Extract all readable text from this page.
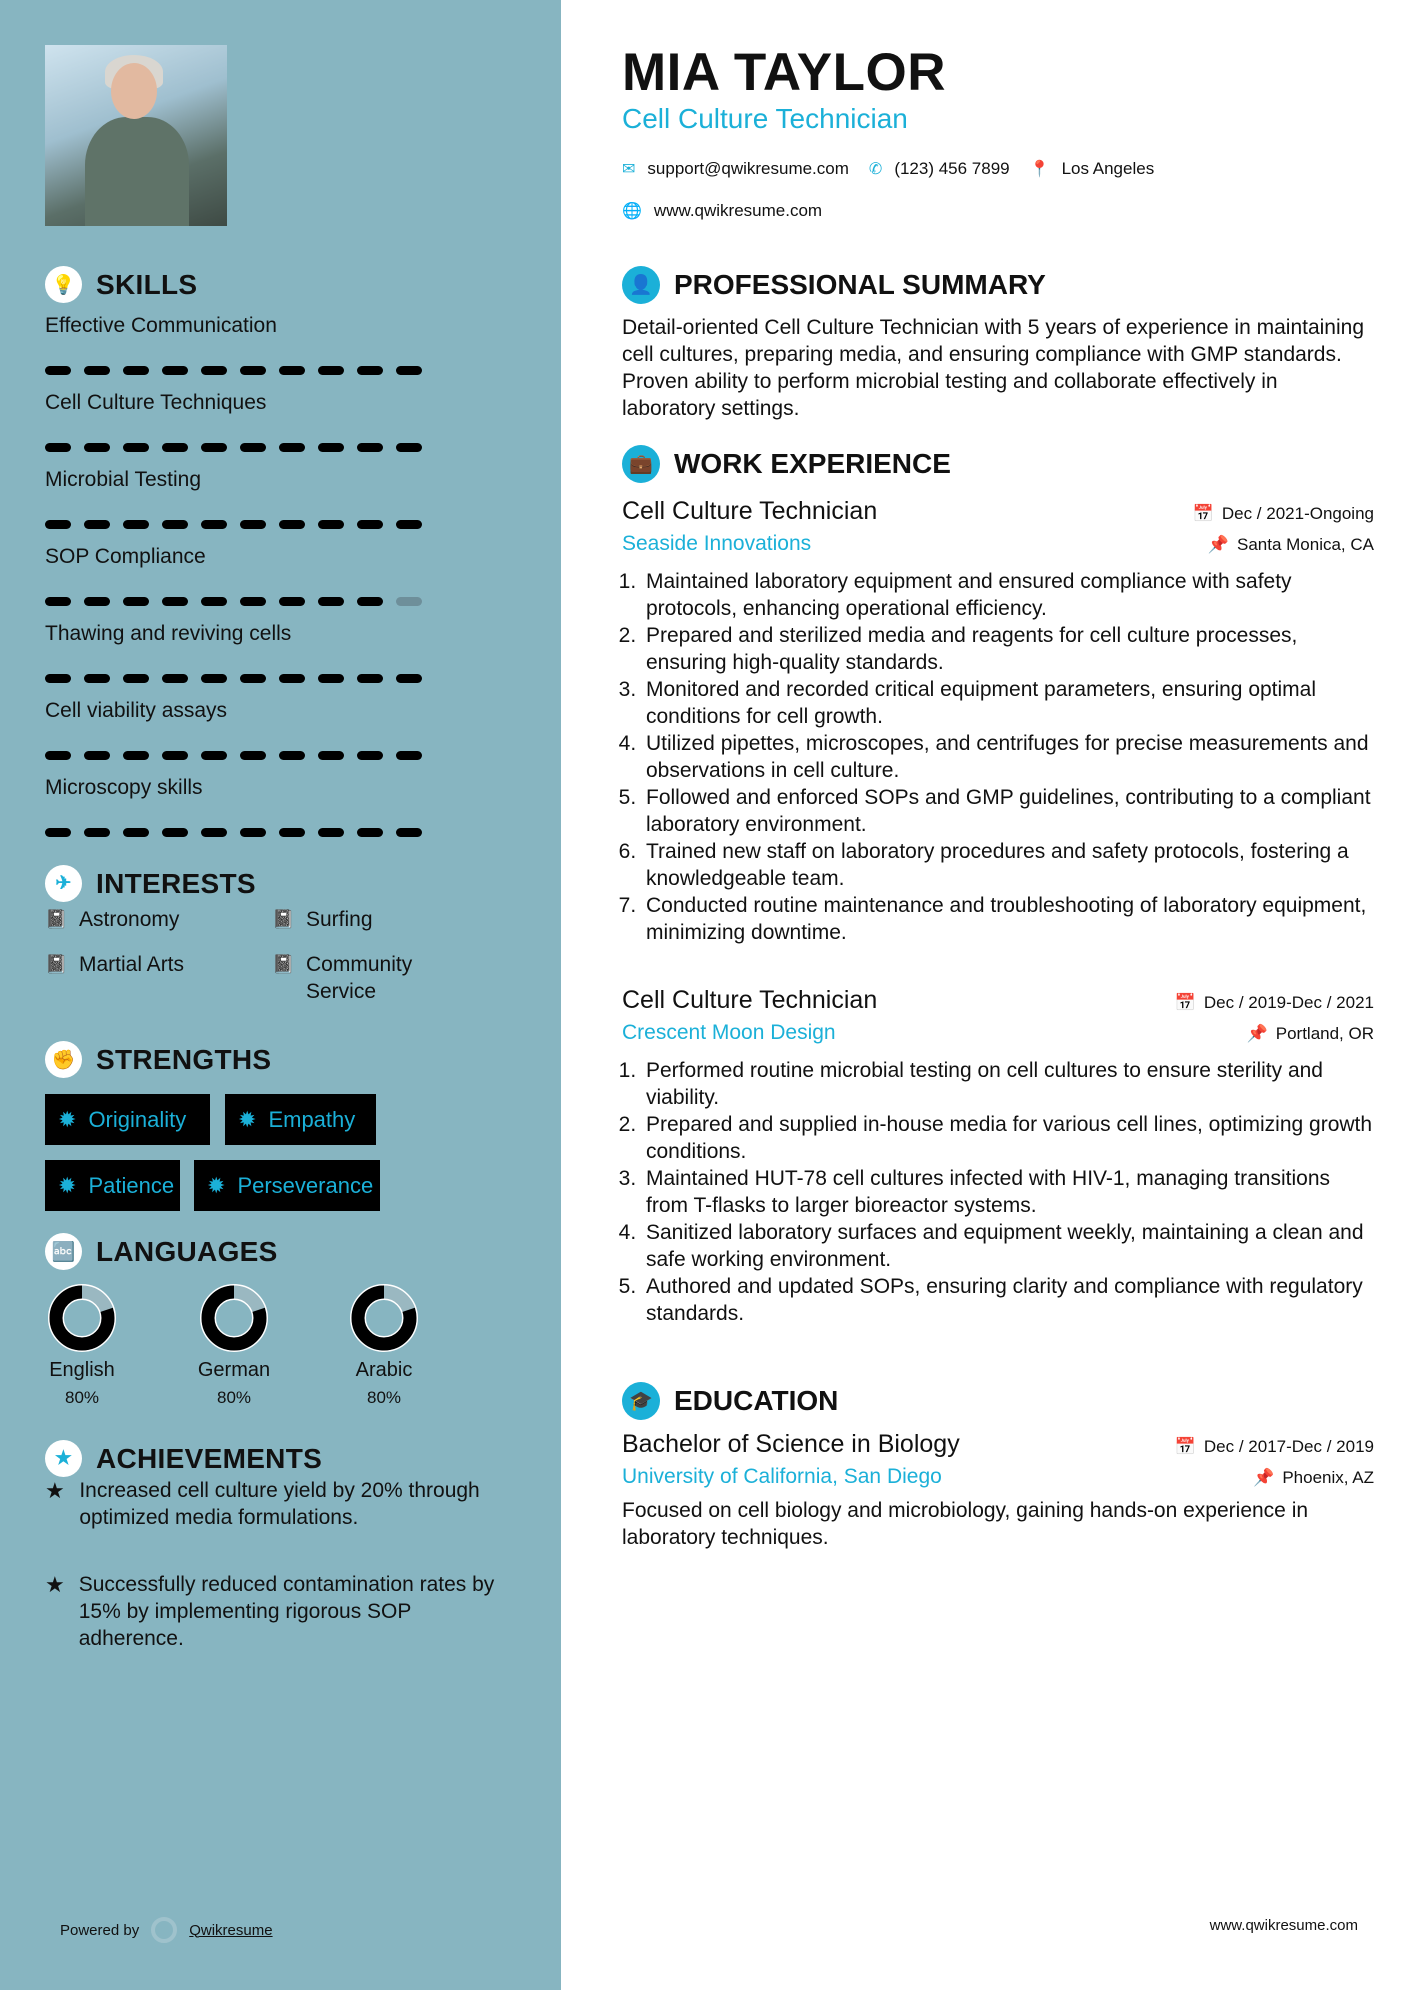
💡 SKILLS
Effective Communication
Cell Culture Techniques
Microbial Testing
SOP Compliance
Thawing and reviving cells
Cell viability assays
Microscopy skills
✈ INTERESTS
📓 Astronomy	📓 Surfing
📓 Martial Arts	📓 Community Service
✊ STRENGTHS
✹ Originality ✹ Empathy
✹ Patience ✹ Perseverance
🔤 LANGUAGES
English
80%
German
80%
Arabic
80%
★ ACHIEVEMENTS
★ Increased cell culture yield by 20% through optimized media formulations.
★ Successfully reduced contamination rates by 15% by implementing rigorous SOP adherence.
Powered by	Qwikresume	www.qwikresume.com
MIA TAYLOR
Cell Culture Technician
✉ support@qwikresume.com ✆ (123) 456 7899 📍 Los Angeles
🌐 www.qwikresume.com
👤 PROFESSIONAL SUMMARY

Detail-oriented Cell Culture Technician with 5 years of experience in maintaining cell cultures, preparing media, and ensuring compliance with GMP standards. Proven ability to perform microbial testing and collaborate effectively in laboratory settings.

💼 WORK EXPERIENCE
Cell Culture Technician	📅 Dec / 2021-Ongoing
Seaside Innovations	📌 Santa Monica, CA
1. Maintained laboratory equipment and ensured compliance with safety protocols, enhancing operational efficiency.
2. Prepared and sterilized media and reagents for cell culture processes, ensuring high-quality standards.
3. Monitored and recorded critical equipment parameters, ensuring optimal conditions for cell growth.
4. Utilized pipettes, microscopes, and centrifuges for precise measurements and observations in cell culture.
5. Followed and enforced SOPs and GMP guidelines, contributing to a compliant laboratory environment.
6. Trained new staff on laboratory procedures and safety protocols, fostering a knowledgeable team.
7. Conducted routine maintenance and troubleshooting of laboratory equipment, minimizing downtime.
Cell Culture Technician	📅 Dec / 2019-Dec / 2021
Crescent Moon Design	📌 Portland, OR
1. Performed routine microbial testing on cell cultures to ensure sterility and viability.
2. Prepared and supplied in-house media for various cell lines, optimizing growth conditions.
3. Maintained HUT-78 cell cultures infected with HIV-1, managing transitions from T-flasks to larger bioreactor systems.
4. Sanitized laboratory surfaces and equipment weekly, maintaining a clean and safe working environment.
5. Authored and updated SOPs, ensuring clarity and compliance with regulatory standards.
🎓 EDUCATION
Bachelor of Science in Biology	📅 Dec / 2017-Dec / 2019
University of California, San Diego	📌 Phoenix, AZ

Focused on cell biology and microbiology, gaining hands-on experience in laboratory techniques.
